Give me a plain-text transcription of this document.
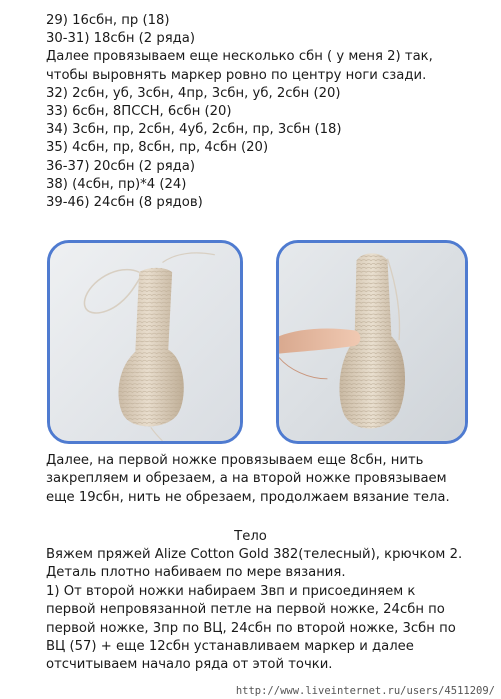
29) 16сбн, пр (18)
30-31) 18сбн (2 ряда)
Далее провязываем еще несколько сбн ( у меня 2) так,
чтобы выровнять маркер ровно по центру ноги сзади.
32) 2сбн, уб, 3сбн, 4пр, 3сбн, уб, 2сбн (20)
33) 6сбн, 8ПССН, 6сбн (20)
34) 3сбн, пр, 2сбн, 4уб, 2сбн, пр, 3сбн (18)
35) 4сбн, пр, 8сбн, пр, 4сбн (20)
36-37) 20сбн (2 ряда)
38) (4сбн, пр)*4 (24)
39-46) 24сбн (8 рядов)
Далее, на первой ножке провязываем еще 8сбн, нить
закрепляем и обрезаем, а на второй ножке провязываем
еще 19сбн, нить не обрезаем, продолжаем вязание тела.
Тело
Вяжем пряжей Alize Cotton Gold 382(телесный), крючком 2.
Деталь плотно набиваем по мере вязания.
1) От второй ножки набираем 3вп и присоединяем к
первой непровязанной петле на первой ножке, 24сбн по
первой ножке, 3пр по ВЦ, 24сбн по второй ножке, 3сбн по
ВЦ (57) + еще 12сбн устанавливаем маркер и далее
отсчитываем начало ряда от этой точки.
http://www.liveinternet.ru/users/4511209/
